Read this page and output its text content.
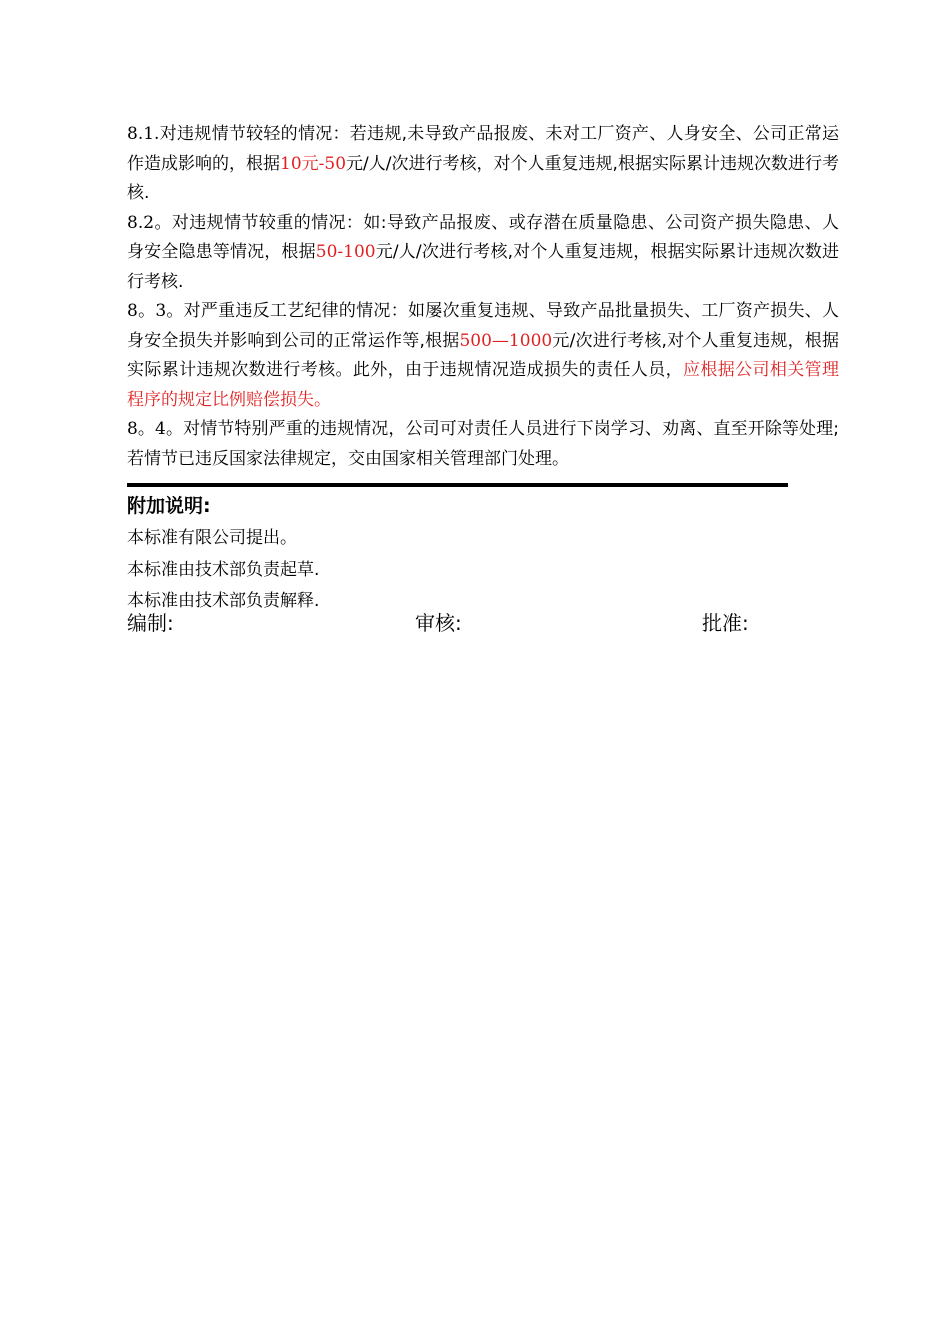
8.1.对违规情节较轻的情况：若违规,未导致产品报废、未对工厂资产、人身安全、公司正常运作造成影响的，根据10元-50元/人/次进行考核，对个人重复违规,根据实际累计违规次数进行考核.

8.2。对违规情节较重的情况：如:导致产品报废、或存潜在质量隐患、公司资产损失隐患、人身安全隐患等情况，根据50-100元/人/次进行考核,对个人重复违规，根据实际累计违规次数进行考核.

8。3。对严重违反工艺纪律的情况：如屡次重复违规、导致产品批量损失、工厂资产损失、人身安全损失并影响到公司的正常运作等,根据500—1000元/次进行考核,对个人重复违规，根据实际累计违规次数进行考核。此外，由于违规情况造成损失的责任人员，应根据公司相关管理程序的规定比例赔偿损失。

8。4。对情节特别严重的违规情况，公司可对责任人员进行下岗学习、劝离、直至开除等处理;若情节已违反国家法律规定，交由国家相关管理部门处理。

附加说明:

本标准有限公司提出。

本标准由技术部负责起草.

本标准由技术部负责解释.

编制:	审核:	批准:
